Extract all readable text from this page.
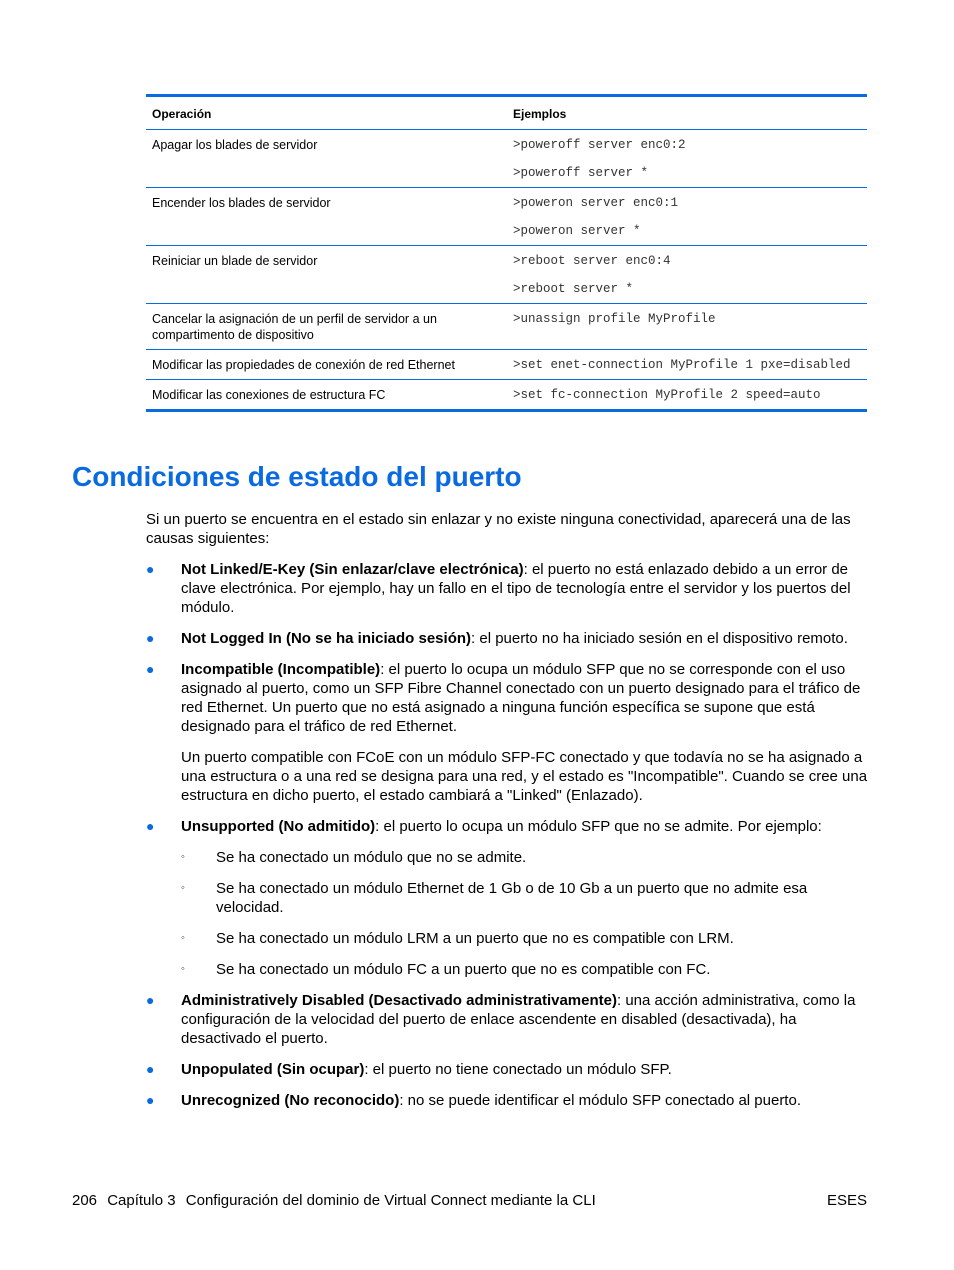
Operación	Ejemplos
Apagar los blades de servidor	>poweroff server enc0:2
>poweroff server *

Encender los blades de servidor	>poweron server enc0:1
>poweron server *

Reiniciar un blade de servidor	>reboot server enc0:4
>reboot server *

Cancelar la asignación de un perfil de servidor a un compartimento de dispositivo	>unassign profile MyProfile

Modificar las propiedades de conexión de red Ethernet	>set enet-connection MyProfile 1 pxe=disabled

Modificar las conexiones de estructura FC	>set fc-connection MyProfile 2 speed=auto
Condiciones de estado del puerto

Si un puerto se encuentra en el estado sin enlazar y no existe ninguna conectividad, aparecerá una de las causas siguientes:

● Not Linked/E-Key (Sin enlazar/clave electrónica): el puerto no está enlazado debido a un error de clave electrónica. Por ejemplo, hay un fallo en el tipo de tecnología entre el servidor y los puertos del módulo.
● Not Logged In (No se ha iniciado sesión): el puerto no ha iniciado sesión en el dispositivo remoto.
● Incompatible (Incompatible): el puerto lo ocupa un módulo SFP que no se corresponde con el uso asignado al puerto, como un SFP Fibre Channel conectado con un puerto designado para el tráfico de red Ethernet. Un puerto que no está asignado a ninguna función específica se supone que está designado para el tráfico de red Ethernet.
Un puerto compatible con FCoE con un módulo SFP-FC conectado y que todavía no se ha asignado a una estructura o a una red se designa para una red, y el estado es "Incompatible". Cuando se cree una estructura en dicho puerto, el estado cambiará a "Linked" (Enlazado).
● Unsupported (No admitido): el puerto lo ocupa un módulo SFP que no se admite. Por ejemplo:
◦ Se ha conectado un módulo que no se admite.
◦ Se ha conectado un módulo Ethernet de 1 Gb o de 10 Gb a un puerto que no admite esa velocidad.
◦ Se ha conectado un módulo LRM a un puerto que no es compatible con LRM.
◦ Se ha conectado un módulo FC a un puerto que no es compatible con FC.
● Administratively Disabled (Desactivado administrativamente): una acción administrativa, como la configuración de la velocidad del puerto de enlace ascendente en disabled (desactivada), ha desactivado el puerto.
● Unpopulated (Sin ocupar): el puerto no tiene conectado un módulo SFP.
● Unrecognized (No reconocido): no se puede identificar el módulo SFP conectado al puerto.
206 Capítulo 3 Configuración del dominio de Virtual Connect mediante la CLI	ESES
